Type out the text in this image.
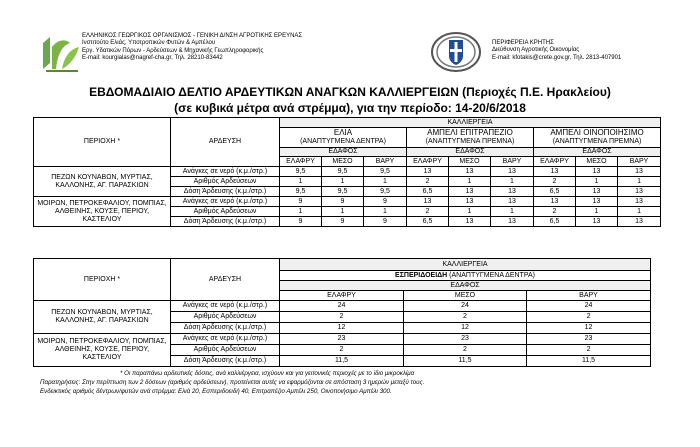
ΕΛΛΗΝΙΚΟΣ ΓΕΩΡΓΙΚΟΣ ΟΡΓΑΝΙΣΜΟΣ - ΓΕΝΙΚΗ Δ/ΝΣΗ ΑΓΡΟΤΙΚΗΣ ΕΡΕΥΝΑΣ
Ινστιτούτο Ελιάς, Υποτροπικών Φυτών & Αμπέλου
Εργ. Υδατικών Πόρων - Αρδεύσεων & Μηχανικής Γεωπληροφορικής
E-mail: kourgialas@nagref-cha.gr, Τηλ. 28210-83442
ΠΕΡΙΦΕΡΕΙΑ ΚΡΗΤΗΣ
Διεύθυνση Αγροτικής Οικονομίας
E-mail: kfotakis@crete.gov.gr, Τηλ. 2813-407901
ΕΒΔΟΜΑΔΙΑΙΟ ΔΕΛΤΙΟ ΑΡΔΕΥΤΙΚΩΝ ΑΝΑΓΚΩΝ ΚΑΛΛΙΕΡΓΕΙΩΝ (Περιοχές Π.Ε. Ηρακλείου)
(σε κυβικά μέτρα ανά στρέμμα), για την περίοδο: 14-20/6/2018
ΠΕΡΙΟΧΗ *	ΑΡΔΕΥΣΗ	ΚΑΛΛΙΕΡΓΕΙΑ								
		ΕΛΙΑ
(ΑΝΑΠΤΥΓΜΕΝΑ ΔΕΝΤΡΑ)			ΑΜΠΕΛΙ ΕΠΙΤΡΑΠΕΖΙΟ
(ΑΝΑΠΤΥΓΜΕΝΑ ΠΡΕΜΝΑ)			ΑΜΠΕΛΙ ΟΙΝΟΠΟΙΗΣΙΜΟ
(ΑΝΑΠΤΥΓΜΕΝΑ ΠΡΕΜΝΑ)		
		ΕΔΑΦΟΣ			ΕΔΑΦΟΣ			ΕΔΑΦΟΣ		
		ΕΛΑΦΡΥ	ΜΕΣΟ	ΒΑΡΥ	ΕΛΑΦΡΥ	ΜΕΣΟ	ΒΑΡΥ	ΕΛΑΦΡΥ	ΜΕΣΟ	ΒΑΡΥ
ΠΕΖΩΝ ΚΟΥΝΑΒΩΝ, ΜΥΡΤΙΑΣ, ΚΑΛΛΟΝΗΣ, ΑΓ. ΠΑΡΑΣΚΙΩΝ	Ανάγκες σε νερό (κ.μ./στρ.)	9,5	9,5	9,5	13	13	13	13	13	13
	Αριθμός Αρδεύσεων	1	1	1	2	1	1	2	1	1
	Δόση Άρδευσης (κ.μ./στρ.)	9,5	9,5	9,5	6,5	13	13	6,5	13	13
ΜΟΙΡΩΝ, ΠΕΤΡΟΚΕΦΑΛΙΟΥ, ΠΟΜΠΙΑΣ, ΑΛΘΕΙΝΗΣ, ΚΟΥΣΕ, ΠΕΡΙΟΥ, ΚΑΣΤΕΛΙΟΥ	Ανάγκες σε νερό (κ.μ./στρ.)	9	9	9	13	13	13	13	13	13
	Αριθμός Αρδεύσεων	1	1	1	2	1	1	2	1	1
	Δόση Άρδευσης (κ.μ./στρ.)	9	9	9	6,5	13	13	6,5	13	13
ΠΕΡΙΟΧΗ *	ΑΡΔΕΥΣΗ	ΚΑΛΛΙΕΡΓΕΙΑ		
		ΕΣΠΕΡΙΔΟΕΙΔΗ (ΑΝΑΠΤΥΓΜΕΝΑ ΔΕΝΤΡΑ)		
		ΕΔΑΦΟΣ		
		ΕΛΑΦΡΥ	ΜΕΣΟ	ΒΑΡΥ
ΠΕΖΩΝ ΚΟΥΝΑΒΩΝ, ΜΥΡΤΙΑΣ, ΚΑΛΛΟΝΗΣ, ΑΓ. ΠΑΡΑΣΚΙΩΝ	Ανάγκες σε νερό (κ.μ./στρ.)	24	24	24
	Αριθμός Αρδεύσεων	2	2	2
	Δόση Άρδευσης (κ.μ./στρ.)	12	12	12
ΜΟΙΡΩΝ, ΠΕΤΡΟΚΕΦΑΛΙΟΥ, ΠΟΜΠΙΑΣ, ΑΛΘΕΙΝΗΣ, ΚΟΥΣΕ, ΠΕΡΙΟΥ, ΚΑΣΤΕΛΙΟΥ	Ανάγκες σε νερό (κ.μ./στρ.)	23	23	23
	Αριθμός Αρδεύσεων	2	2	2
	Δόση Άρδευσης (κ.μ./στρ.)	11,5	11,5	11,5
* Οι παραπάνω αρδευτικές δόσεις, ανά καλλιέργεια, ισχύουν και για γειτονικές περιοχές με το ίδιο μικροκλίμα
Παρατηρήσεις: Στην περίπτωση των 2 δόσεων (αριθμός αρδεύσεων), προτείνεται αυτές να εφαρμόζονται σε απόσταση 3 ημερών μεταξύ τους.
Ενδεικτικός αριθμός δέντρων/φυτών ανά στρέμμα: Ελιά 20, Εσπεριδοειδή 40, Επιτραπέζιο Αμπέλι 250, Οινοποιήσιμο Αμπέλι 300.
